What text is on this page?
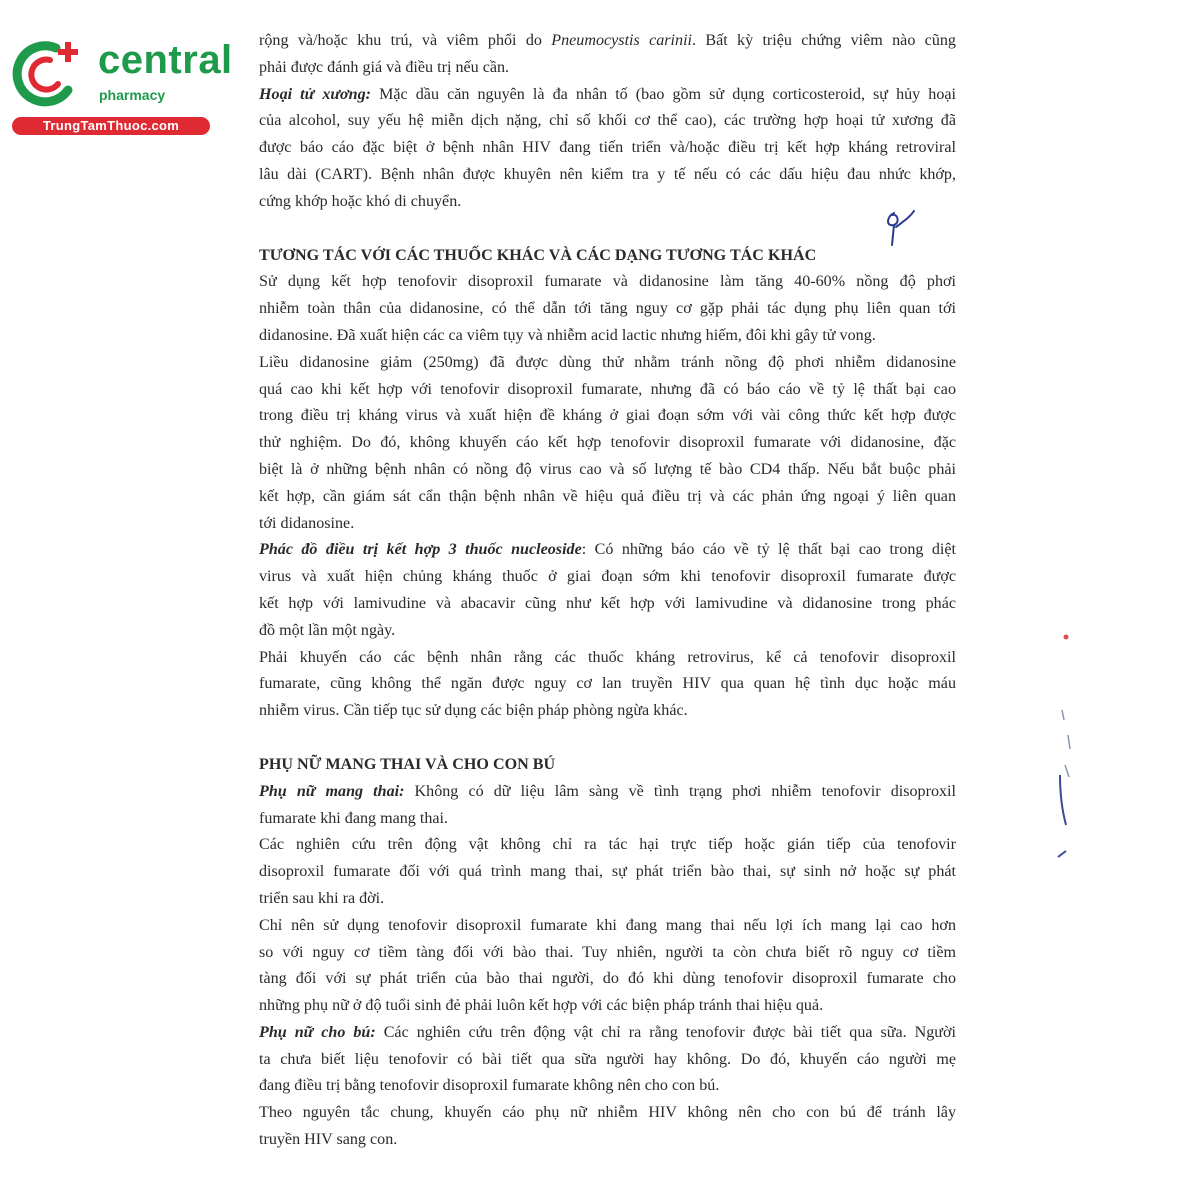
central
pharmacy
TrungTamThuoc.com
rộng và/hoặc khu trú, và viêm phổi do Pneumocystis carinii. Bất kỳ triệu chứng viêm nào cũng
phải được đánh giá và điều trị nếu cần.
Hoại tử xương: Mặc dầu căn nguyên là đa nhân tố (bao gồm sử dụng corticosteroid, sự hủy hoại
của alcohol, suy yếu hệ miễn dịch nặng, chỉ số khối cơ thể cao), các trường hợp hoại tử xương đã
được báo cáo đặc biệt ở bệnh nhân HIV đang tiến triển và/hoặc điều trị kết hợp kháng retroviral
lâu dài (CART). Bệnh nhân được khuyên nên kiểm tra y tế nếu có các dấu hiệu đau nhức khớp,
cứng khớp hoặc khó di chuyển.
TƯƠNG TÁC VỚI CÁC THUỐC KHÁC VÀ CÁC DẠNG TƯƠNG TÁC KHÁC
Sử dụng kết hợp tenofovir disoproxil fumarate và didanosine làm tăng 40-60% nồng độ phơi
nhiễm toàn thân của didanosine, có thể dẫn tới tăng nguy cơ gặp phải tác dụng phụ liên quan tới
didanosine. Đã xuất hiện các ca viêm tụy và nhiễm acid lactic nhưng hiếm, đôi khi gây tử vong.
Liều didanosine giảm (250mg) đã được dùng thử nhằm tránh nồng độ phơi nhiễm didanosine
quá cao khi kết hợp với tenofovir disoproxil fumarate, nhưng đã có báo cáo về tỷ lệ thất bại cao
trong điều trị kháng virus và xuất hiện đề kháng ở giai đoạn sớm với vài công thức kết hợp được
thử nghiệm. Do đó, không khuyến cáo kết hợp tenofovir disoproxil fumarate với didanosine, đặc
biệt là ở những bệnh nhân có nồng độ virus cao và số lượng tế bào CD4 thấp. Nếu bắt buộc phải
kết hợp, cần giám sát cẩn thận bệnh nhân về hiệu quả điều trị và các phản ứng ngoại ý liên quan
tới didanosine.
Phác đồ điều trị kết hợp 3 thuốc nucleoside: Có những báo cáo về tỷ lệ thất bại cao trong diệt
virus và xuất hiện chủng kháng thuốc ở giai đoạn sớm khi tenofovir disoproxil fumarate được
kết hợp với lamivudine và abacavir cũng như kết hợp với lamivudine và didanosine trong phác
đồ một lần một ngày.
Phải khuyến cáo các bệnh nhân rằng các thuốc kháng retrovirus, kể cả tenofovir disoproxil
fumarate, cũng không thể ngăn được nguy cơ lan truyền HIV qua quan hệ tình dục hoặc máu
nhiễm virus. Cần tiếp tục sử dụng các biện pháp phòng ngừa khác.
PHỤ NỮ MANG THAI VÀ CHO CON BÚ
Phụ nữ mang thai: Không có dữ liệu lâm sàng về tình trạng phơi nhiễm tenofovir disoproxil
fumarate khi đang mang thai.
Các nghiên cứu trên động vật không chỉ ra tác hại trực tiếp hoặc gián tiếp của tenofovir
disoproxil fumarate đối với quá trình mang thai, sự phát triển bào thai, sự sinh nở hoặc sự phát
triển sau khi ra đời.
Chỉ nên sử dụng tenofovir disoproxil fumarate khi đang mang thai nếu lợi ích mang lại cao hơn
so với nguy cơ tiềm tàng đối với bào thai. Tuy nhiên, người ta còn chưa biết rõ nguy cơ tiềm
tàng đối với sự phát triển của bào thai người, do đó khi dùng tenofovir disoproxil fumarate cho
những phụ nữ ở độ tuổi sinh đẻ phải luôn kết hợp với các biện pháp tránh thai hiệu quả.
Phụ nữ cho bú: Các nghiên cứu trên động vật chỉ ra rằng tenofovir được bài tiết qua sữa. Người
ta chưa biết liệu tenofovir có bài tiết qua sữa người hay không. Do đó, khuyến cáo người mẹ
đang điều trị bằng tenofovir disoproxil fumarate không nên cho con bú.
Theo nguyên tắc chung, khuyến cáo phụ nữ nhiễm HIV không nên cho con bú để tránh lây
truyền HIV sang con.
